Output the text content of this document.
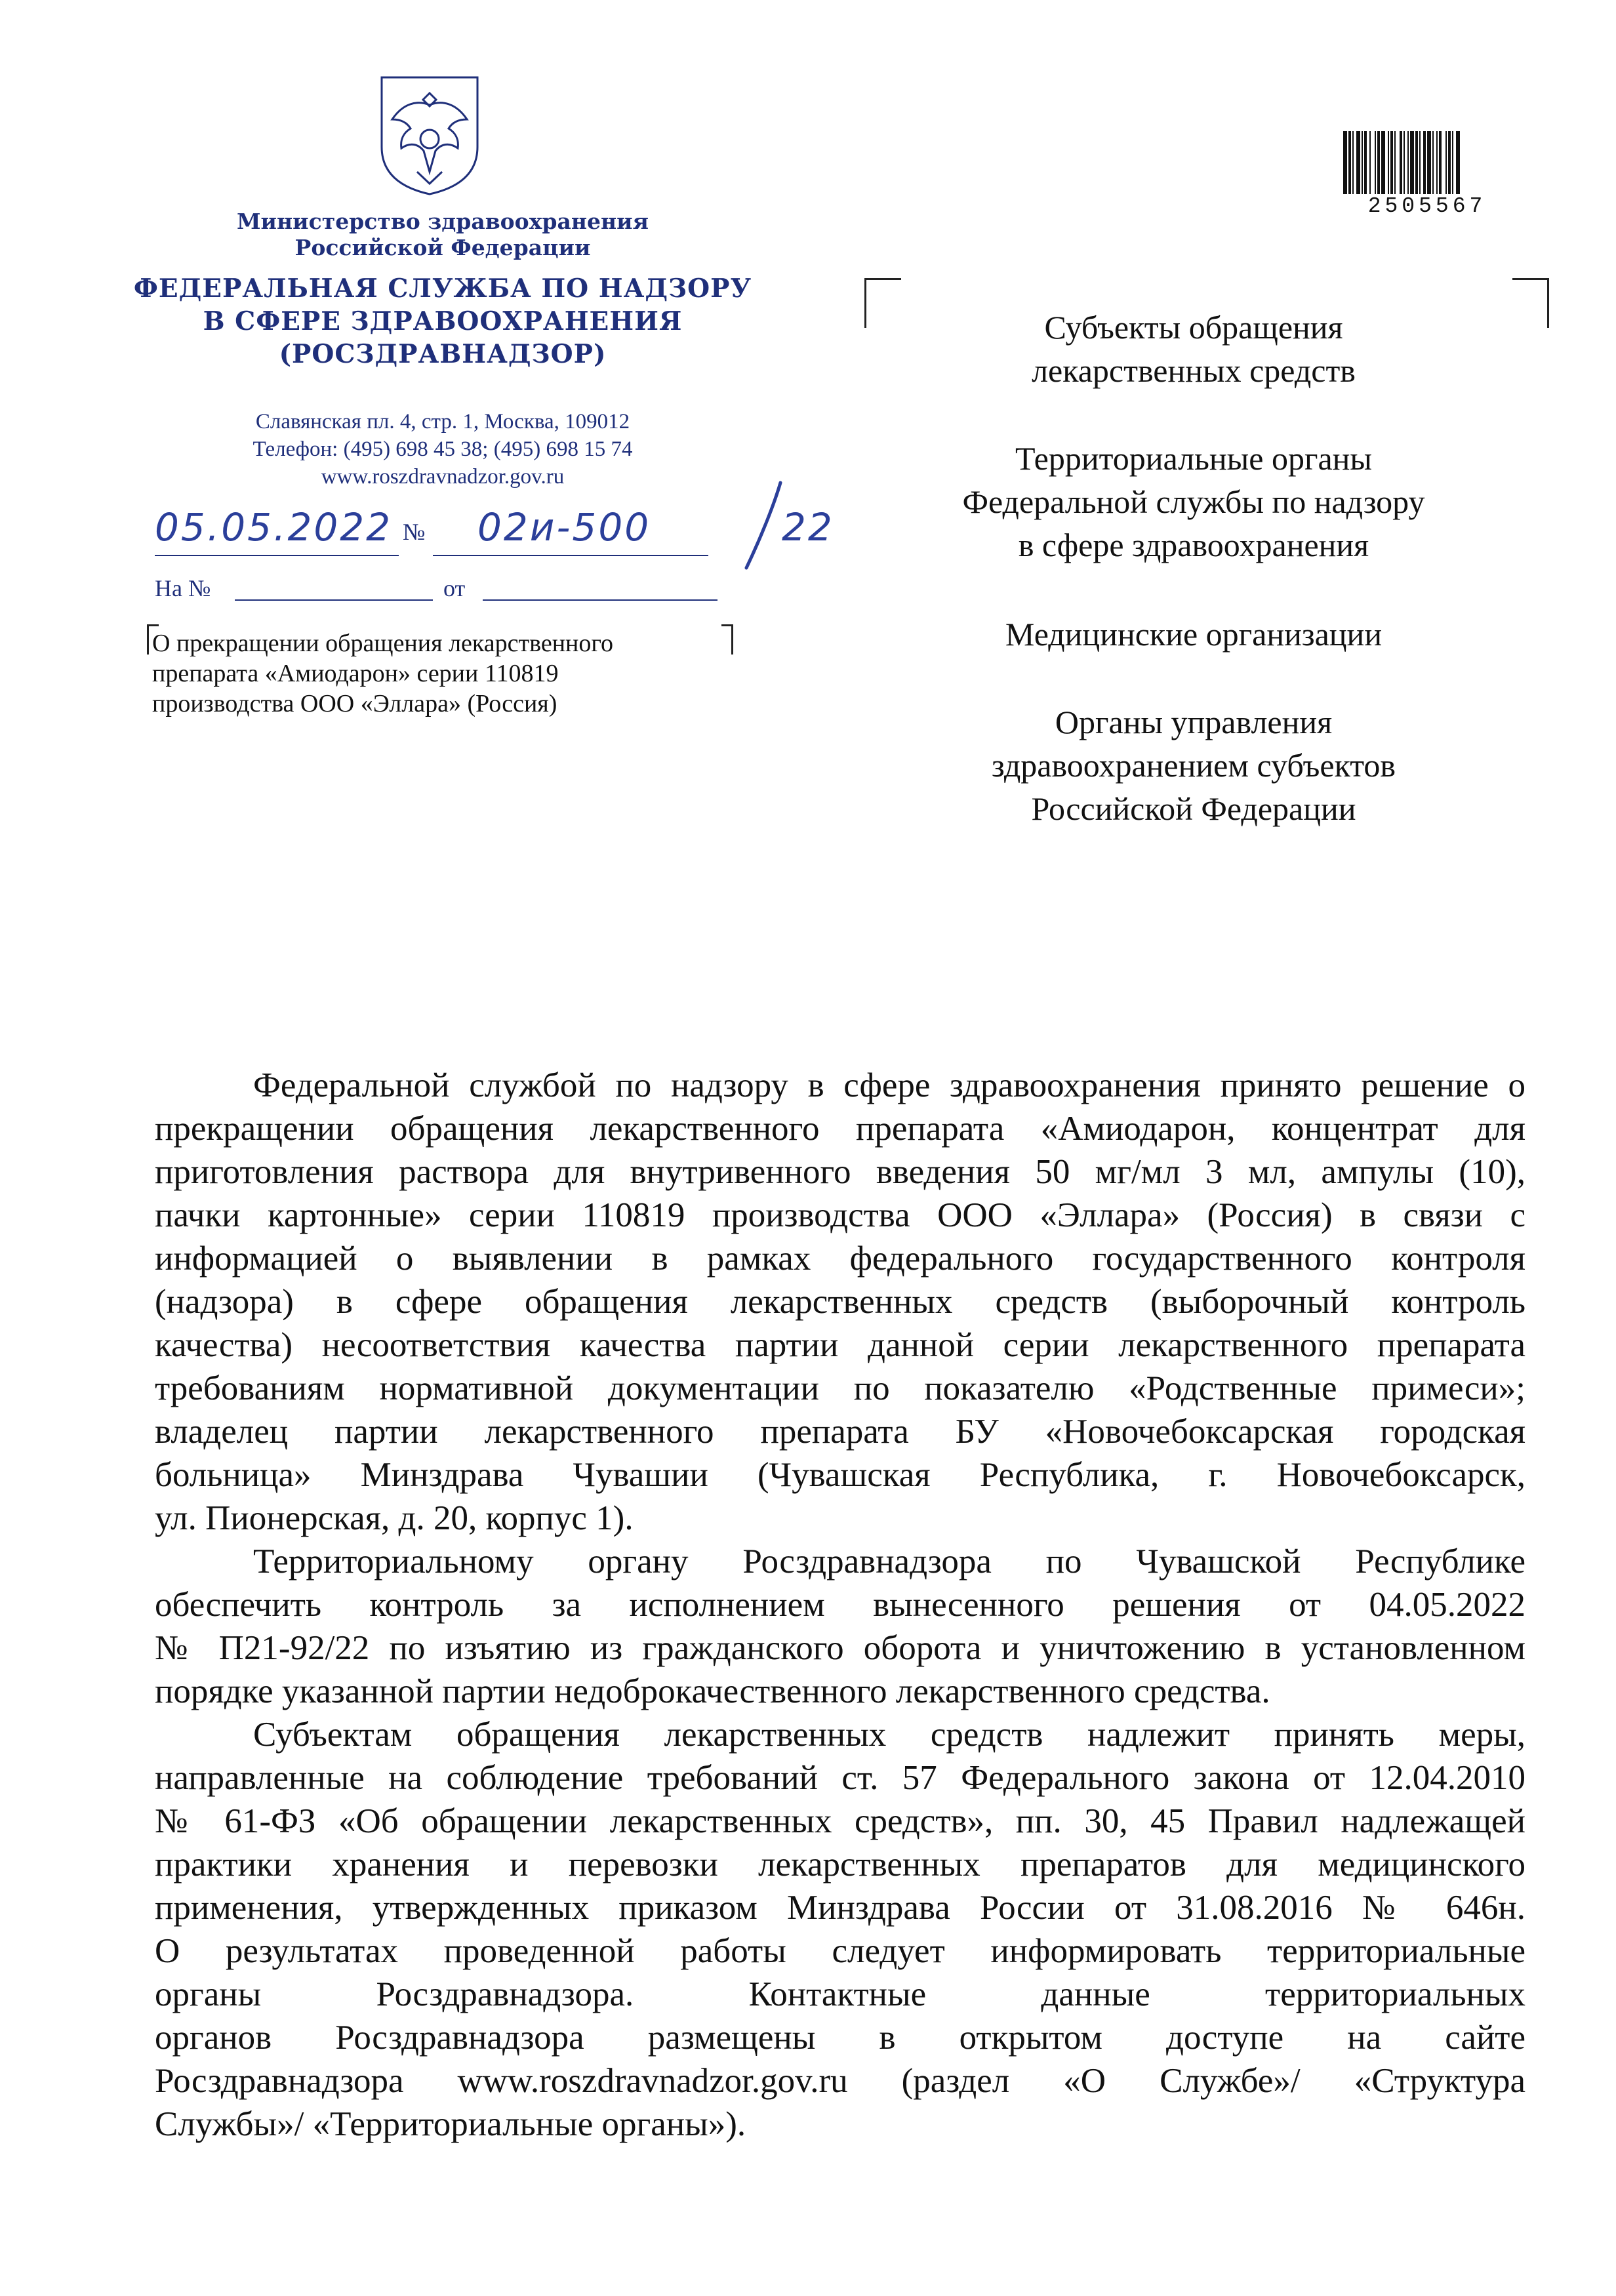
Министерство здравоохранения
Российской Федерации
ФЕДЕРАЛЬНАЯ СЛУЖБА ПО НАДЗОРУ
В СФЕРЕ ЗДРАВООХРАНЕНИЯ
(РОСЗДРАВНАДЗОР)
Славянская пл. 4, стр. 1, Москва, 109012
Телефон: (495) 698 45 38; (495) 698 15 74
www.roszdravnadzor.gov.ru
05.05.2022 № 02и-500	22
На №	от
О прекращении обращения лекарственного
препарата «Амиодарон» серии 110819
производства ООО «Эллара» (Россия)
2505567
Субъекты обращения
лекарственных средств
Территориальные органы
Федеральной службы по надзору
в сфере здравоохранения
Медицинские организации
Органы управления
здравоохранением субъектов
Российской Федерации
Федеральной службой по надзору в сфере здравоохранения принято решение о
прекращении обращения лекарственного препарата «Амиодарон, концентрат для
приготовления раствора для внутривенного введения 50 мг/мл 3 мл, ампулы (10),
пачки картонные» серии 110819 производства ООО «Эллара» (Россия) в связи с
информацией о выявлении в рамках федерального государственного контроля
(надзора) в сфере обращения лекарственных средств (выборочный контроль
качества) несоответствия качества партии данной серии лекарственного препарата
требованиям нормативной документации по показателю «Родственные примеси»;
владелец партии лекарственного препарата БУ «Новочебоксарская городская
больница» Минздрава Чувашии (Чувашская Республика, г. Новочебоксарск,
ул. Пионерская, д. 20, корпус 1).
Территориальному органу Росздравнадзора по Чувашской Республике
обеспечить контроль за исполнением вынесенного решения от 04.05.2022
№ П21-92/22 по изъятию из гражданского оборота и уничтожению в установленном
порядке указанной партии недоброкачественного лекарственного средства.
Субъектам обращения лекарственных средств надлежит принять меры,
направленные на соблюдение требований ст. 57 Федерального закона от 12.04.2010
№ 61-ФЗ «Об обращении лекарственных средств», пп. 30, 45 Правил надлежащей
практики хранения и перевозки лекарственных препаратов для медицинского
применения, утвержденных приказом Минздрава России от 31.08.2016 № 646н.
О результатах проведенной работы следует информировать территориальные
органы Росздравнадзора. Контактные данные территориальных
органов Росздравнадзора размещены в открытом доступе на сайте
Росздравнадзора www.roszdravnadzor.gov.ru (раздел «О Службе»/ «Структура
Службы»/ «Территориальные органы»).
